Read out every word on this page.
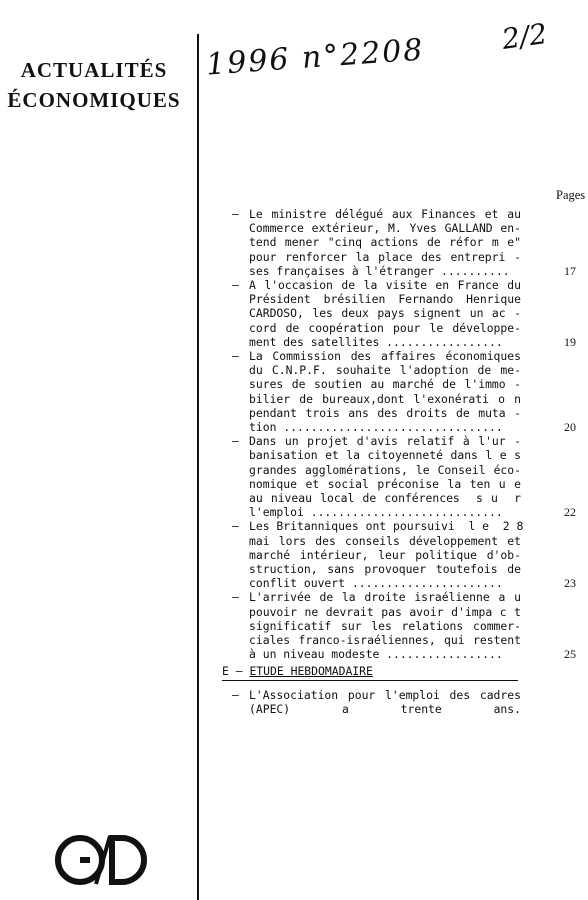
ACTUALITÉS
ÉCONOMIQUES
1996 n°2208	2/2
Pages
– Le ministre délégué aux Finances et au
Commerce extérieur, M. Yves GALLAND en-
tend mener "cinq actions de réfor m e"
pour renforcer la place des entrepri -
ses françaises à l'étranger ..........	17
– A l'occasion de la visite en France du
Président brésilien Fernando Henrique
CARDOSO, les deux pays signent un ac -
cord de coopération pour le développe-
ment des satellites .................	19
– La Commission des affaires économiques
du C.N.P.F. souhaite l'adoption de me-
sures de soutien au marché de l'immo -
bilier de bureaux,dont l'exonérati o n
pendant trois ans des droits de muta -
tion ................................	20
– Dans un projet d'avis relatif à l'ur -
banisation et la citoyenneté dans l e s
grandes agglomérations, le Conseil éco-
nomique et social préconise la ten u e
au niveau local de conférences  s u  r
l'emploi ............................	22
– Les Britanniques ont poursuivi  l e  2 8
mai lors des conseils développement et
marché intérieur, leur politique d'ob-
struction, sans provoquer toutefois de
conflit ouvert ......................	23
– L'arrivée de la droite israélienne a u
pouvoir ne devrait pas avoir d'impa c t
significatif sur les relations commer-
ciales franco-israéliennes, qui restent
à un niveau modeste .................	25
E – ETUDE HEBDOMADAIRE
– L'Association pour l'emploi des cadres
(APEC) a trente ans.
